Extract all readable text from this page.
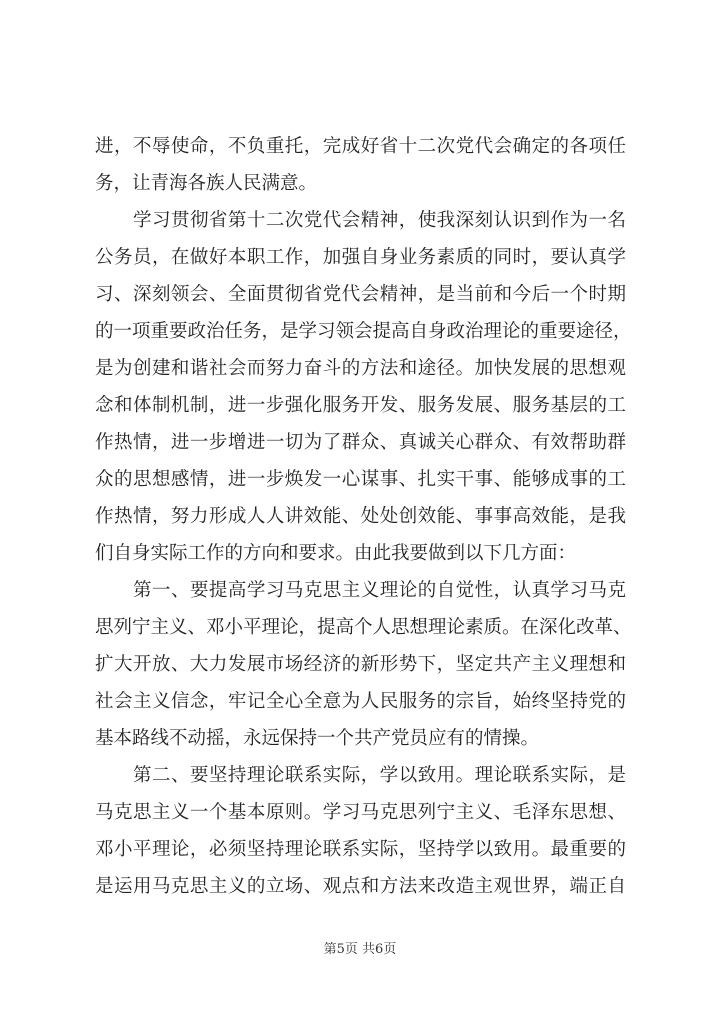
进，不辱使命，不负重托，完成好省十二次党代会确定的各项任
务，让青海各族人民满意。
学习贯彻省第十二次党代会精神，使我深刻认识到作为一名
公务员，在做好本职工作，加强自身业务素质的同时，要认真学
习、深刻领会、全面贯彻省党代会精神，是当前和今后一个时期
的一项重要政治任务，是学习领会提高自身政治理论的重要途径，
是为创建和谐社会而努力奋斗的方法和途径。加快发展的思想观
念和体制机制，进一步强化服务开发、服务发展、服务基层的工
作热情，进一步增进一切为了群众、真诚关心群众、有效帮助群
众的思想感情，进一步焕发一心谋事、扎实干事、能够成事的工
作热情，努力形成人人讲效能、处处创效能、事事高效能，是我
们自身实际工作的方向和要求。由此我要做到以下几方面：
第一、要提高学习马克思主义理论的自觉性，认真学习马克
思列宁主义、邓小平理论，提高个人思想理论素质。在深化改革、
扩大开放、大力发展市场经济的新形势下，坚定共产主义理想和
社会主义信念，牢记全心全意为人民服务的宗旨，始终坚持党的
基本路线不动摇，永远保持一个共产党员应有的情操。
第二、要坚持理论联系实际，学以致用。理论联系实际，是
马克思主义一个基本原则。学习马克思列宁主义、毛泽东思想、
邓小平理论，必须坚持理论联系实际，坚持学以致用。最重要的
是运用马克思主义的立场、观点和方法来改造主观世界，端正自
第5页 共6页
